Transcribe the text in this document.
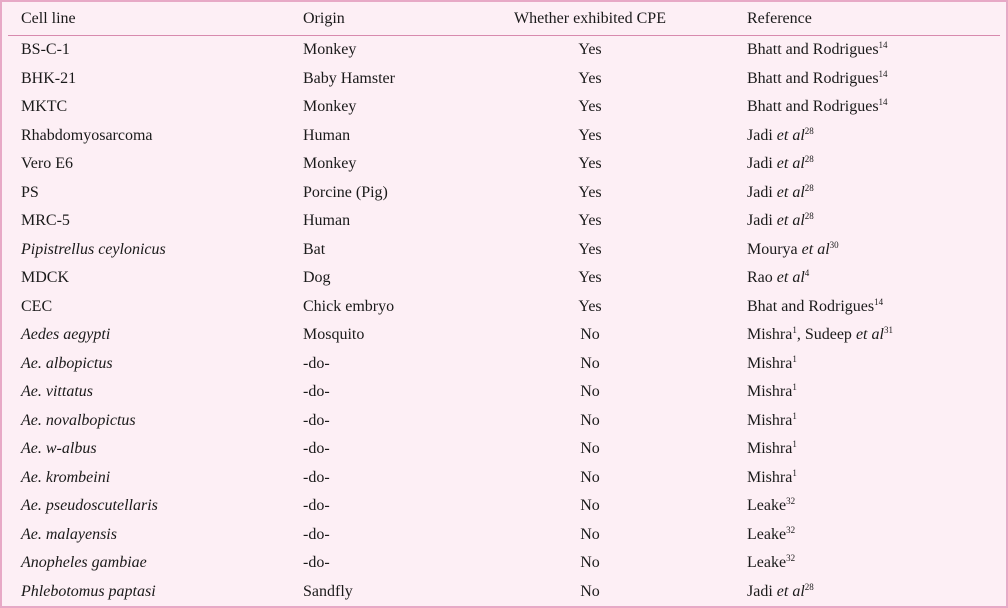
Cell line	Origin	Whether exhibited CPE	Reference
BS-C-1	Monkey	Yes	Bhatt and Rodrigues$^{14}$
BHK-21	Baby Hamster	Yes	Bhatt and Rodrigues$^{14}$
MKTC	Monkey	Yes	Bhatt and Rodrigues$^{14}$
Rhabdomyosarcoma	Human	Yes	Jadi et $al^{28}$
Vero E6	Monkey	Yes	Jadi et $al^{28}$
PS	Porcine (Pig)	Yes	Jadi et $al^{28}$
MRC-5	Human	Yes	Jadi et $al^{28}$
Pipistrellus ceylonicus	Bat	Yes	Mourya et $al^{30}$
MDCK	Dog	Yes	Rao et $al^4$
CEC	Chick embryo	Yes	Bhat and Rodrigues$^{14}$
Aedes aegypti	Mosquito	No	Mishra$^1$, Sudeep et $al^{31}$
Ae. albopictus	-do-	No	Mishra$^1$
Ae. vittatus	-do-	No	Mishra$^1$
Ae. novalbopictus	-do-	No	Mishra$^1$
Ae. w-albus	-do-	No	Mishra$^1$
Ae. krombeini	-do-	No	Mishra$^1$
Ae. pseudoscutellaris	-do-	No	Leake$^{32}$
Ae. malayensis	-do-	No	Leake$^{32}$
Anopheles gambiae	-do-	No	Leake$^{32}$
Phlebotomus paptasi	Sandfly	No	Jadi et $al^{28}$
